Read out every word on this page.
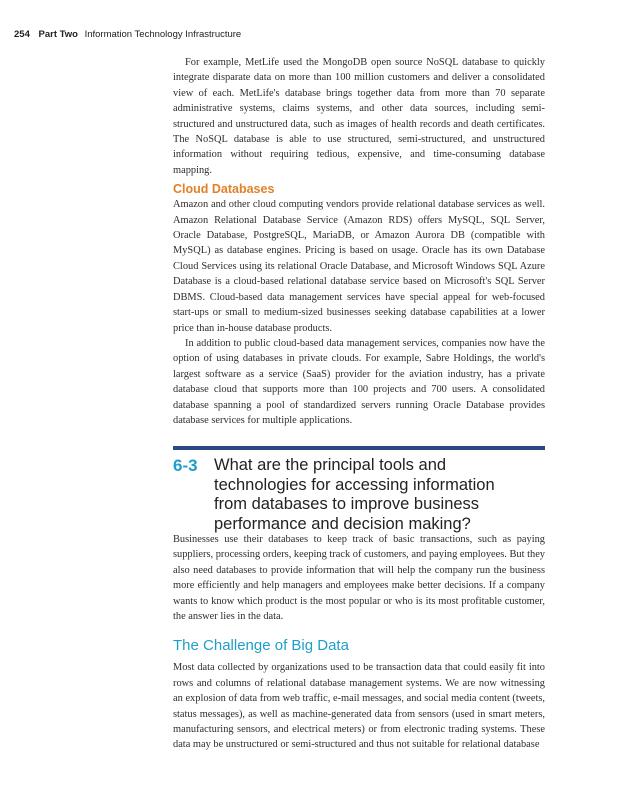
254 Part Two Information Technology Infrastructure

For example, MetLife used the MongoDB open source NoSQL database to quickly integrate disparate data on more than 100 million customers and deliver a consolidated view of each. MetLife's database brings together data from more than 70 separate administrative systems, claims systems, and other data sources, including semi-structured and unstructured data, such as images of health records and death certificates. The NoSQL database is able to use structured, semi-structured, and unstructured information without requiring tedious, expensive, and time-consuming database mapping.

Cloud Databases

Amazon and other cloud computing vendors provide relational database services as well. Amazon Relational Database Service (Amazon RDS) offers MySQL, SQL Server, Oracle Database, PostgreSQL, MariaDB, or Amazon Aurora DB (compatible with MySQL) as database engines. Pricing is based on usage. Oracle has its own Database Cloud Services using its relational Oracle Database, and Microsoft Windows SQL Azure Database is a cloud-based relational database service based on Microsoft's SQL Server DBMS. Cloud-based data management services have special appeal for web-focused start-ups or small to medium-sized businesses seeking database capabilities at a lower price than in-house database products.

In addition to public cloud-based data management services, companies now have the option of using databases in private clouds. For example, Sabre Holdings, the world's largest software as a service (SaaS) provider for the aviation industry, has a private database cloud that supports more than 100 projects and 700 users. A consolidated database spanning a pool of standardized servers running Oracle Database provides database services for multiple applications.

6-3 What are the principal tools and technologies for accessing information from databases to improve business performance and decision making?

Businesses use their databases to keep track of basic transactions, such as paying suppliers, processing orders, keeping track of customers, and paying employees. But they also need databases to provide information that will help the company run the business more efficiently and help managers and employees make better decisions. If a company wants to know which product is the most popular or who is its most profitable customer, the answer lies in the data.

The Challenge of Big Data

Most data collected by organizations used to be transaction data that could easily fit into rows and columns of relational database management systems. We are now witnessing an explosion of data from web traffic, e-mail messages, and social media content (tweets, status messages), as well as machine-generated data from sensors (used in smart meters, manufacturing sensors, and electrical meters) or from electronic trading systems. These data may be unstructured or semi-structured and thus not suitable for relational database
